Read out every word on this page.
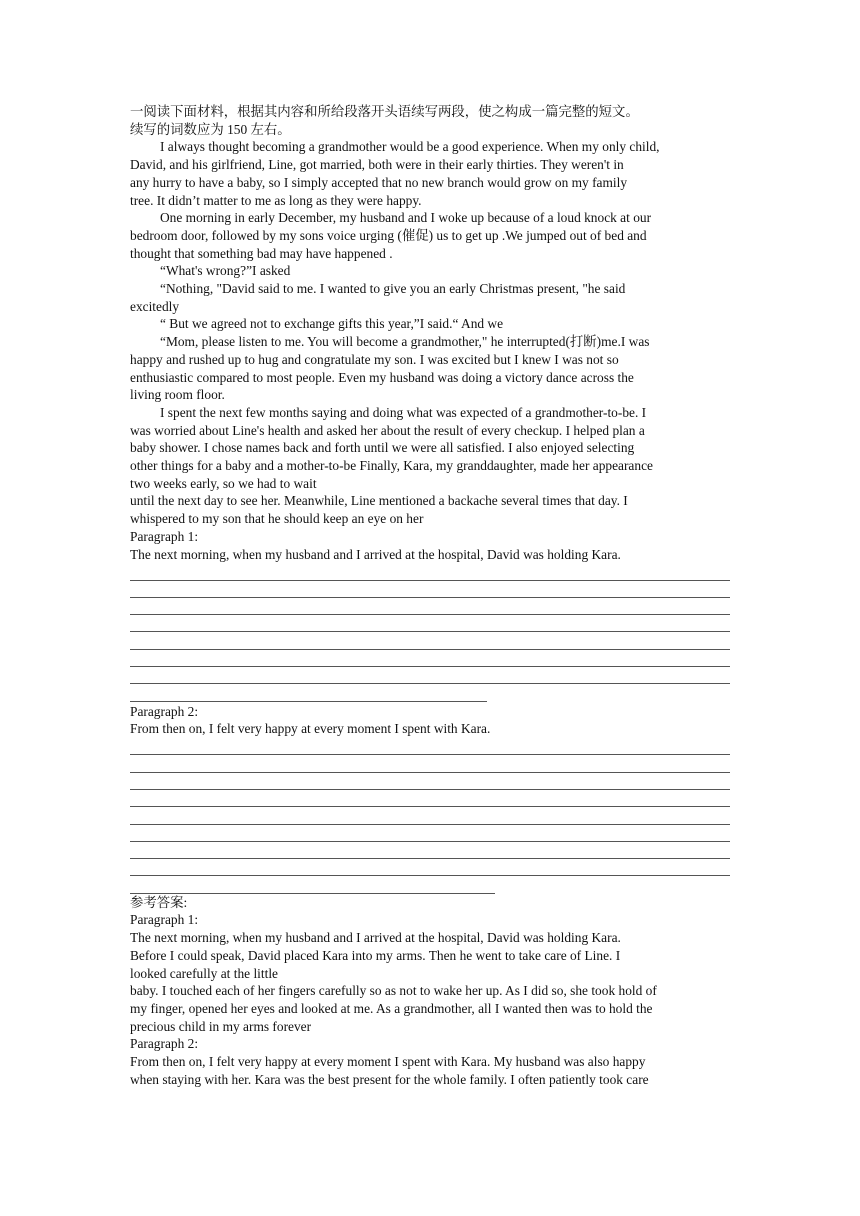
一阅读下面材料，根据其内容和所给段落开头语续写两段，使之构成一篇完整的短文。
续写的词数应为 150 左右。
I always thought becoming a grandmother would be a good experience. When my only child,
David, and his girlfriend, Line, got married, both were in their early thirties. They weren't in
any hurry to have a baby, so I simply accepted that no new branch would grow on my family
tree. It didn’t matter to me as long as they were happy.
One morning in early December, my husband and I woke up because of a loud knock at our
bedroom door, followed by my sons voice urging (催促) us to get up .We jumped out of bed and
thought that something bad may have happened .
“What's wrong?”I asked
“Nothing, "David said to me. I wanted to give you an early Christmas present, "he said
excitedly
“ But we agreed not to exchange gifts this year,”I said.“ And we
“Mom, please listen to me. You will become a grandmother," he interrupted(打断)me.I was
happy and rushed up to hug and congratulate my son. I was excited but I knew I was not so
enthusiastic compared to most people. Even my husband was doing a victory dance across the
living room floor.
I spent the next few months saying and doing what was expected of a grandmother-to-be. I
was worried about Line's health and asked her about the result of every checkup. I helped plan a
baby shower. I chose names back and forth until we were all satisfied. I also enjoyed selecting
other things for a baby and a mother-to-be Finally, Kara, my granddaughter, made her appearance
two weeks early, so we had to wait
until the next day to see her. Meanwhile, Line mentioned a backache several times that day. I
whispered to my son that he should keep an eye on her
Paragraph 1:
The next morning, when my husband and I arrived at the hospital, David was holding Kara.
Paragraph 2:
From then on, I felt very happy at every moment I spent with Kara.
参考答案:
Paragraph 1:
The next morning, when my husband and I arrived at the hospital, David was holding Kara.
Before I could speak, David placed Kara into my arms. Then he went to take care of Line. I
looked carefully at the little
baby. I touched each of her fingers carefully so as not to wake her up. As I did so, she took hold of
my finger, opened her eyes and looked at me. As a grandmother, all I wanted then was to hold the
precious child in my arms forever
Paragraph 2:
From then on, I felt very happy at every moment I spent with Kara. My husband was also happy
when staying with her. Kara was the best present for the whole family. I often patiently took care
